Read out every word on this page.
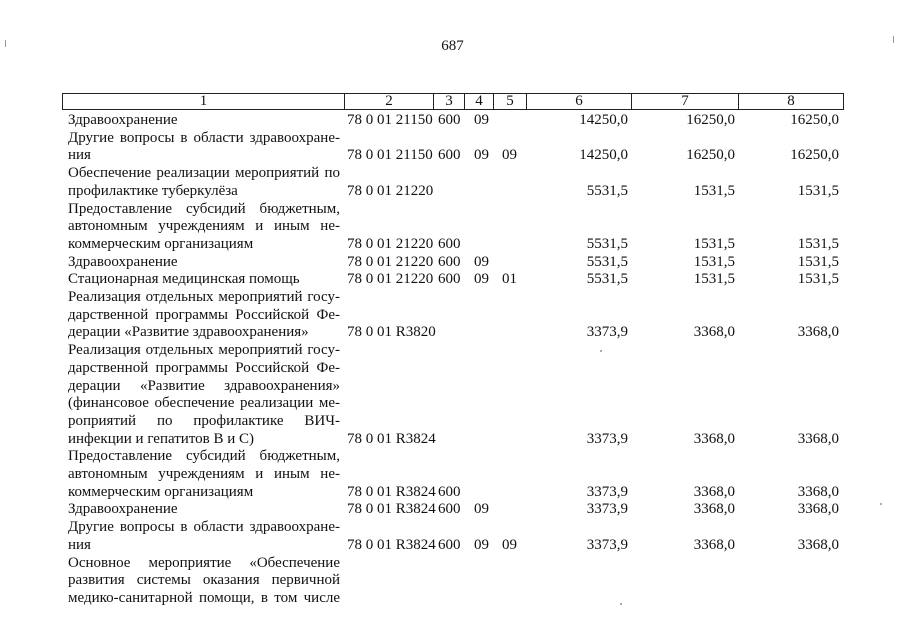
687
1	2	3	4	5	6	7	8
Здравоохранение	78 0 01 21150 600 09	14250,0	16250,0	16250,0
Другие вопросы в области здравоохране-
ния	78 0 01 21150 600 09 09	14250,0	16250,0	16250,0
Обеспечение реализации мероприятий по
профилактике туберкулёза	78 0 01 21220	5531,5	1531,5	1531,5
Предоставление субсидий бюджетным,
автономным учреждениям и иным не-
коммерческим организациям	78 0 01 21220 600	5531,5	1531,5	1531,5
Здравоохранение	78 0 01 21220 600 09	5531,5	1531,5	1531,5
Стационарная медицинская помощь	78 0 01 21220 600 09 01	5531,5	1531,5	1531,5
Реализация отдельных мероприятий госу-
дарственной программы Российской Фе-
дерации «Развитие здравоохранения»	78 0 01 R3820	3373,9	3368,0	3368,0
Реализация отдельных мероприятий госу-
дарственной программы Российской Фе-
дерации «Развитие здравоохранения»
(финансовое обеспечение реализации ме-
роприятий по профилактике ВИЧ-
инфекции и гепатитов В и С)	78 0 01 R3824	3373,9	3368,0	3368,0
Предоставление субсидий бюджетным,
автономным учреждениям и иным не-
коммерческим организациям	78 0 01 R3824 600	3373,9	3368,0	3368,0
Здравоохранение	78 0 01 R3824 600 09	3373,9	3368,0	3368,0
Другие вопросы в области здравоохране-
ния	78 0 01 R3824 600 09 09	3373,9	3368,0	3368,0
Основное мероприятие «Обеспечение
развития системы оказания первичной
медико-санитарной помощи, в том числе
